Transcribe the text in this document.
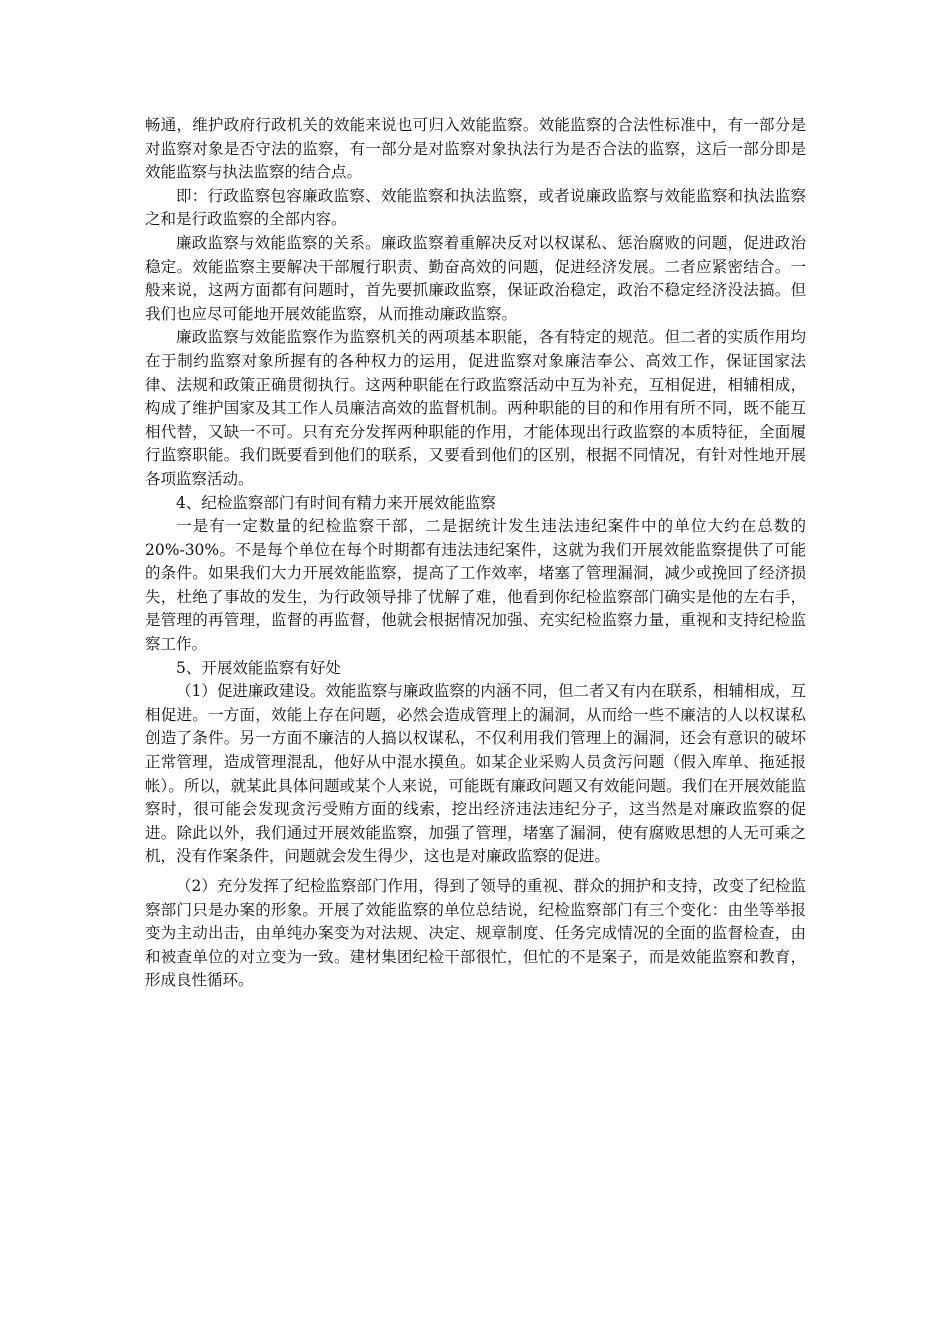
畅通，维护政府行政机关的效能来说也可归入效能监察。效能监察的合法性标准中，有一部分是对监察对象是否守法的监察，有一部分是对监察对象执法行为是否合法的监察，这后一部分即是效能监察与执法监察的结合点。

即：行政监察包容廉政监察、效能监察和执法监察，或者说廉政监察与效能监察和执法监察之和是行政监察的全部内容。

廉政监察与效能监察的关系。廉政监察着重解决反对以权谋私、惩治腐败的问题，促进政治稳定。效能监察主要解决干部履行职责、勤奋高效的问题，促进经济发展。二者应紧密结合。一般来说，这两方面都有问题时，首先要抓廉政监察，保证政治稳定，政治不稳定经济没法搞。但我们也应尽可能地开展效能监察，从而推动廉政监察。

廉政监察与效能监察作为监察机关的两项基本职能，各有特定的规范。但二者的实质作用均在于制约监察对象所握有的各种权力的运用，促进监察对象廉洁奉公、高效工作，保证国家法律、法规和政策正确贯彻执行。这两种职能在行政监察活动中互为补充，互相促进，相辅相成，构成了维护国家及其工作人员廉洁高效的监督机制。两种职能的目的和作用有所不同，既不能互相代替，又缺一不可。只有充分发挥两种职能的作用，才能体现出行政监察的本质特征，全面履行监察职能。我们既要看到他们的联系，又要看到他们的区别，根据不同情况，有针对性地开展各项监察活动。

4、纪检监察部门有时间有精力来开展效能监察

一是有一定数量的纪检监察干部，二是据统计发生违法违纪案件中的单位大约在总数的20%-30%。不是每个单位在每个时期都有违法违纪案件，这就为我们开展效能监察提供了可能的条件。如果我们大力开展效能监察，提高了工作效率，堵塞了管理漏洞，减少或挽回了经济损失，杜绝了事故的发生，为行政领导排了忧解了难，他看到你纪检监察部门确实是他的左右手，是管理的再管理，监督的再监督，他就会根据情况加强、充实纪检监察力量，重视和支持纪检监察工作。

5、开展效能监察有好处

（1）促进廉政建设。效能监察与廉政监察的内涵不同，但二者又有内在联系，相辅相成，互相促进。一方面，效能上存在问题，必然会造成管理上的漏洞，从而给一些不廉洁的人以权谋私创造了条件。另一方面不廉洁的人搞以权谋私，不仅利用我们管理上的漏洞，还会有意识的破坏正常管理，造成管理混乱，他好从中混水摸鱼。如某企业采购人员贪污问题（假入库单、拖延报帐）。所以，就某此具体问题或某个人来说，可能既有廉政问题又有效能问题。我们在开展效能监察时，很可能会发现贪污受贿方面的线索，挖出经济违法违纪分子，这当然是对廉政监察的促进。除此以外，我们通过开展效能监察，加强了管理，堵塞了漏洞，使有腐败思想的人无可乘之机，没有作案条件，问题就会发生得少，这也是对廉政监察的促进。

（2）充分发挥了纪检监察部门作用，得到了领导的重视、群众的拥护和支持，改变了纪检监察部门只是办案的形象。开展了效能监察的单位总结说，纪检监察部门有三个变化：由坐等举报变为主动出击，由单纯办案变为对法规、决定、规章制度、任务完成情况的全面的监督检查，由和被查单位的对立变为一致。建材集团纪检干部很忙，但忙的不是案子，而是效能监察和教育，形成良性循环。
